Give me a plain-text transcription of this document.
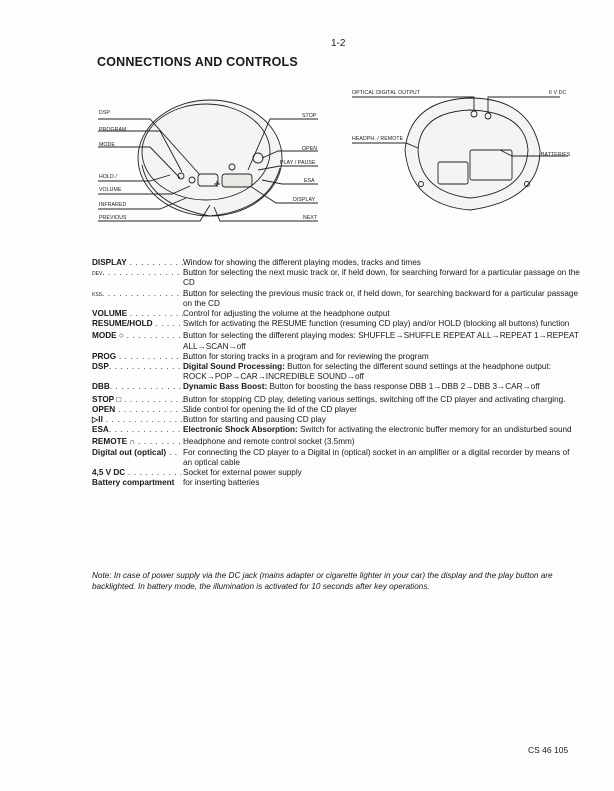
1-2
CONNECTIONS AND CONTROLS
DSP
PROGRAM
MODE
HOLD /
VOLUME
INFRARED
PREVIOUS
STOP
OPEN
PLAY / PAUSE
ESA
DISPLAY
NEXT
OPTICAL DIGITAL OUTPUT	6 V DC
HEADPH. / REMOTE
BATTERIES
DISPLAY . . . . . . . . . . .
Window for showing the different playing modes, tracks and times
DEV. . . . . . . . . . . . . . . . .
Button for selecting the next music track or, if held down, for searching forward for a particular passage on the CD
KSS. . . . . . . . . . . . . . . . .
Button for selecting the previous music track or, if held down, for searching backward for a particular passage on the CD
VOLUME . . . . . . . . . .
Control for adjusting the volume at the headphone output
RESUME/HOLD . . . . . Switch for activating the RESUME function (resuming CD play) and/or HOLD (blocking all buttons) function
MODE ○ . . . . . . . . . . .
Button for selecting the different playing modes: SHUFFLE→SHUFFLE REPEAT ALL→REPEAT 1→REPEAT ALL→SCAN→off
PROG . . . . . . . . . . . . .
Button for storing tracks in a program and for reviewing the program
DSP. . . . . . . . . . . . . . .
Digital Sound Processing: Button for selecting the different sound settings at the headphone output: ROCK→POP→CAR→INCREDIBLE SOUND→off
DBB. . . . . . . . . . . . . . .
Dynamic Bass Boost: Button for boosting the bass response DBB 1→DBB 2→DBB 3→CAR→off
STOP □ . . . . . . . . . . .
Button for stopping CD play, deleting various settings, switching off the CD player and activating charging.
OPEN . . . . . . . . . . . . .
Slide control for opening the lid of the CD player
▷II . . . . . . . . . . . . . . .
Button for starting and pausing CD play
ESA. . . . . . . . . . . . . .
Electronic Shock Absorption: Switch for activating the electronic buffer memory for an undisturbed sound
REMOTE ∩ . . . . . . . . .
Headphone and remote control socket (3.5mm)
Digital out (optical) . . For connecting the CD player to a Digital in (optical) socket in an amplifier or a digital recorder by means of an optical cable
4,5 V DC . . . . . . . . . . .
Socket for external power supply
Battery compartment	for inserting batteries
Note: In case of power supply via the DC jack (mains adapter or cigarette lighter in your car) the display and the play button are backlighted. In battery mode, the illumination is activated for 10 seconds after key operations.
CS 46 105
